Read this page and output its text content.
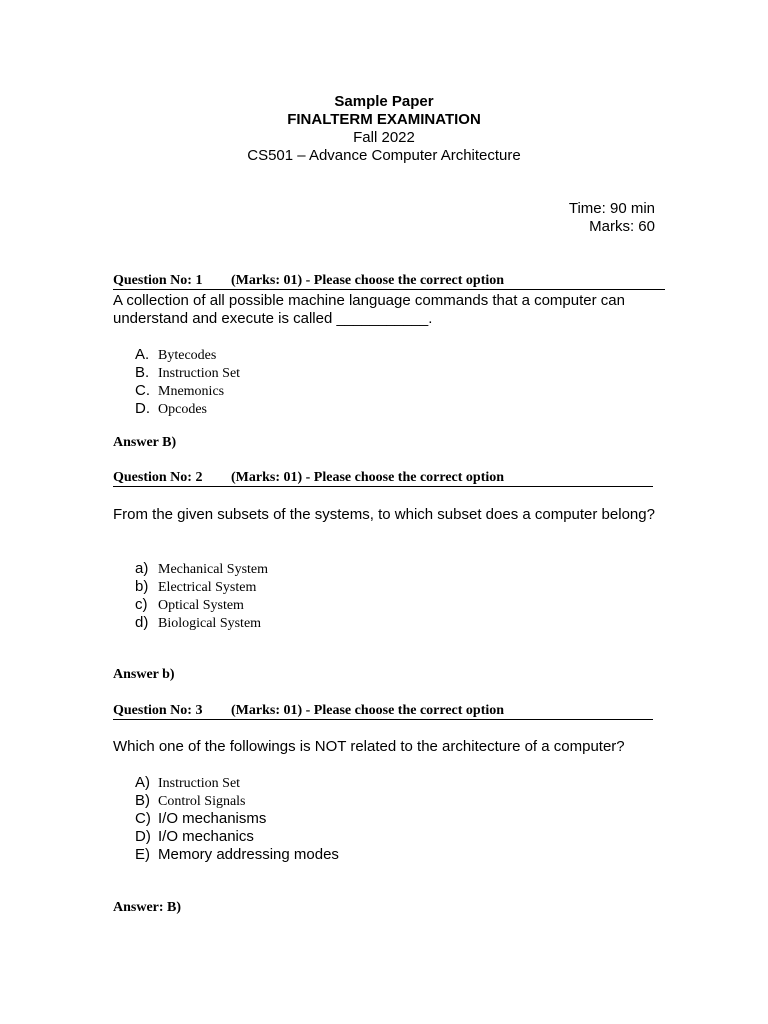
Sample Paper
FINALTERM EXAMINATION
Fall 2022
CS501 – Advance Computer Architecture
Time: 90 min
Marks: 60
Question No: 1 (Marks: 01) - Please choose the correct option
A collection of all possible machine language commands that a computer can understand and execute is called ___________.
A. Bytecodes
B. Instruction Set
C. Mnemonics
D. Opcodes
Answer B)
Question No: 2 (Marks: 01) - Please choose the correct option
From the given subsets of the systems, to which subset does a computer belong?
a) Mechanical System
b) Electrical System
c) Optical System
d) Biological System
Answer b)
Question No: 3 (Marks: 01) - Please choose the correct option
Which one of the followings is NOT related to the architecture of a computer?
A) Instruction Set
B) Control Signals
C) I/O mechanisms
D) I/O mechanics
E) Memory addressing modes
Answer: B)
